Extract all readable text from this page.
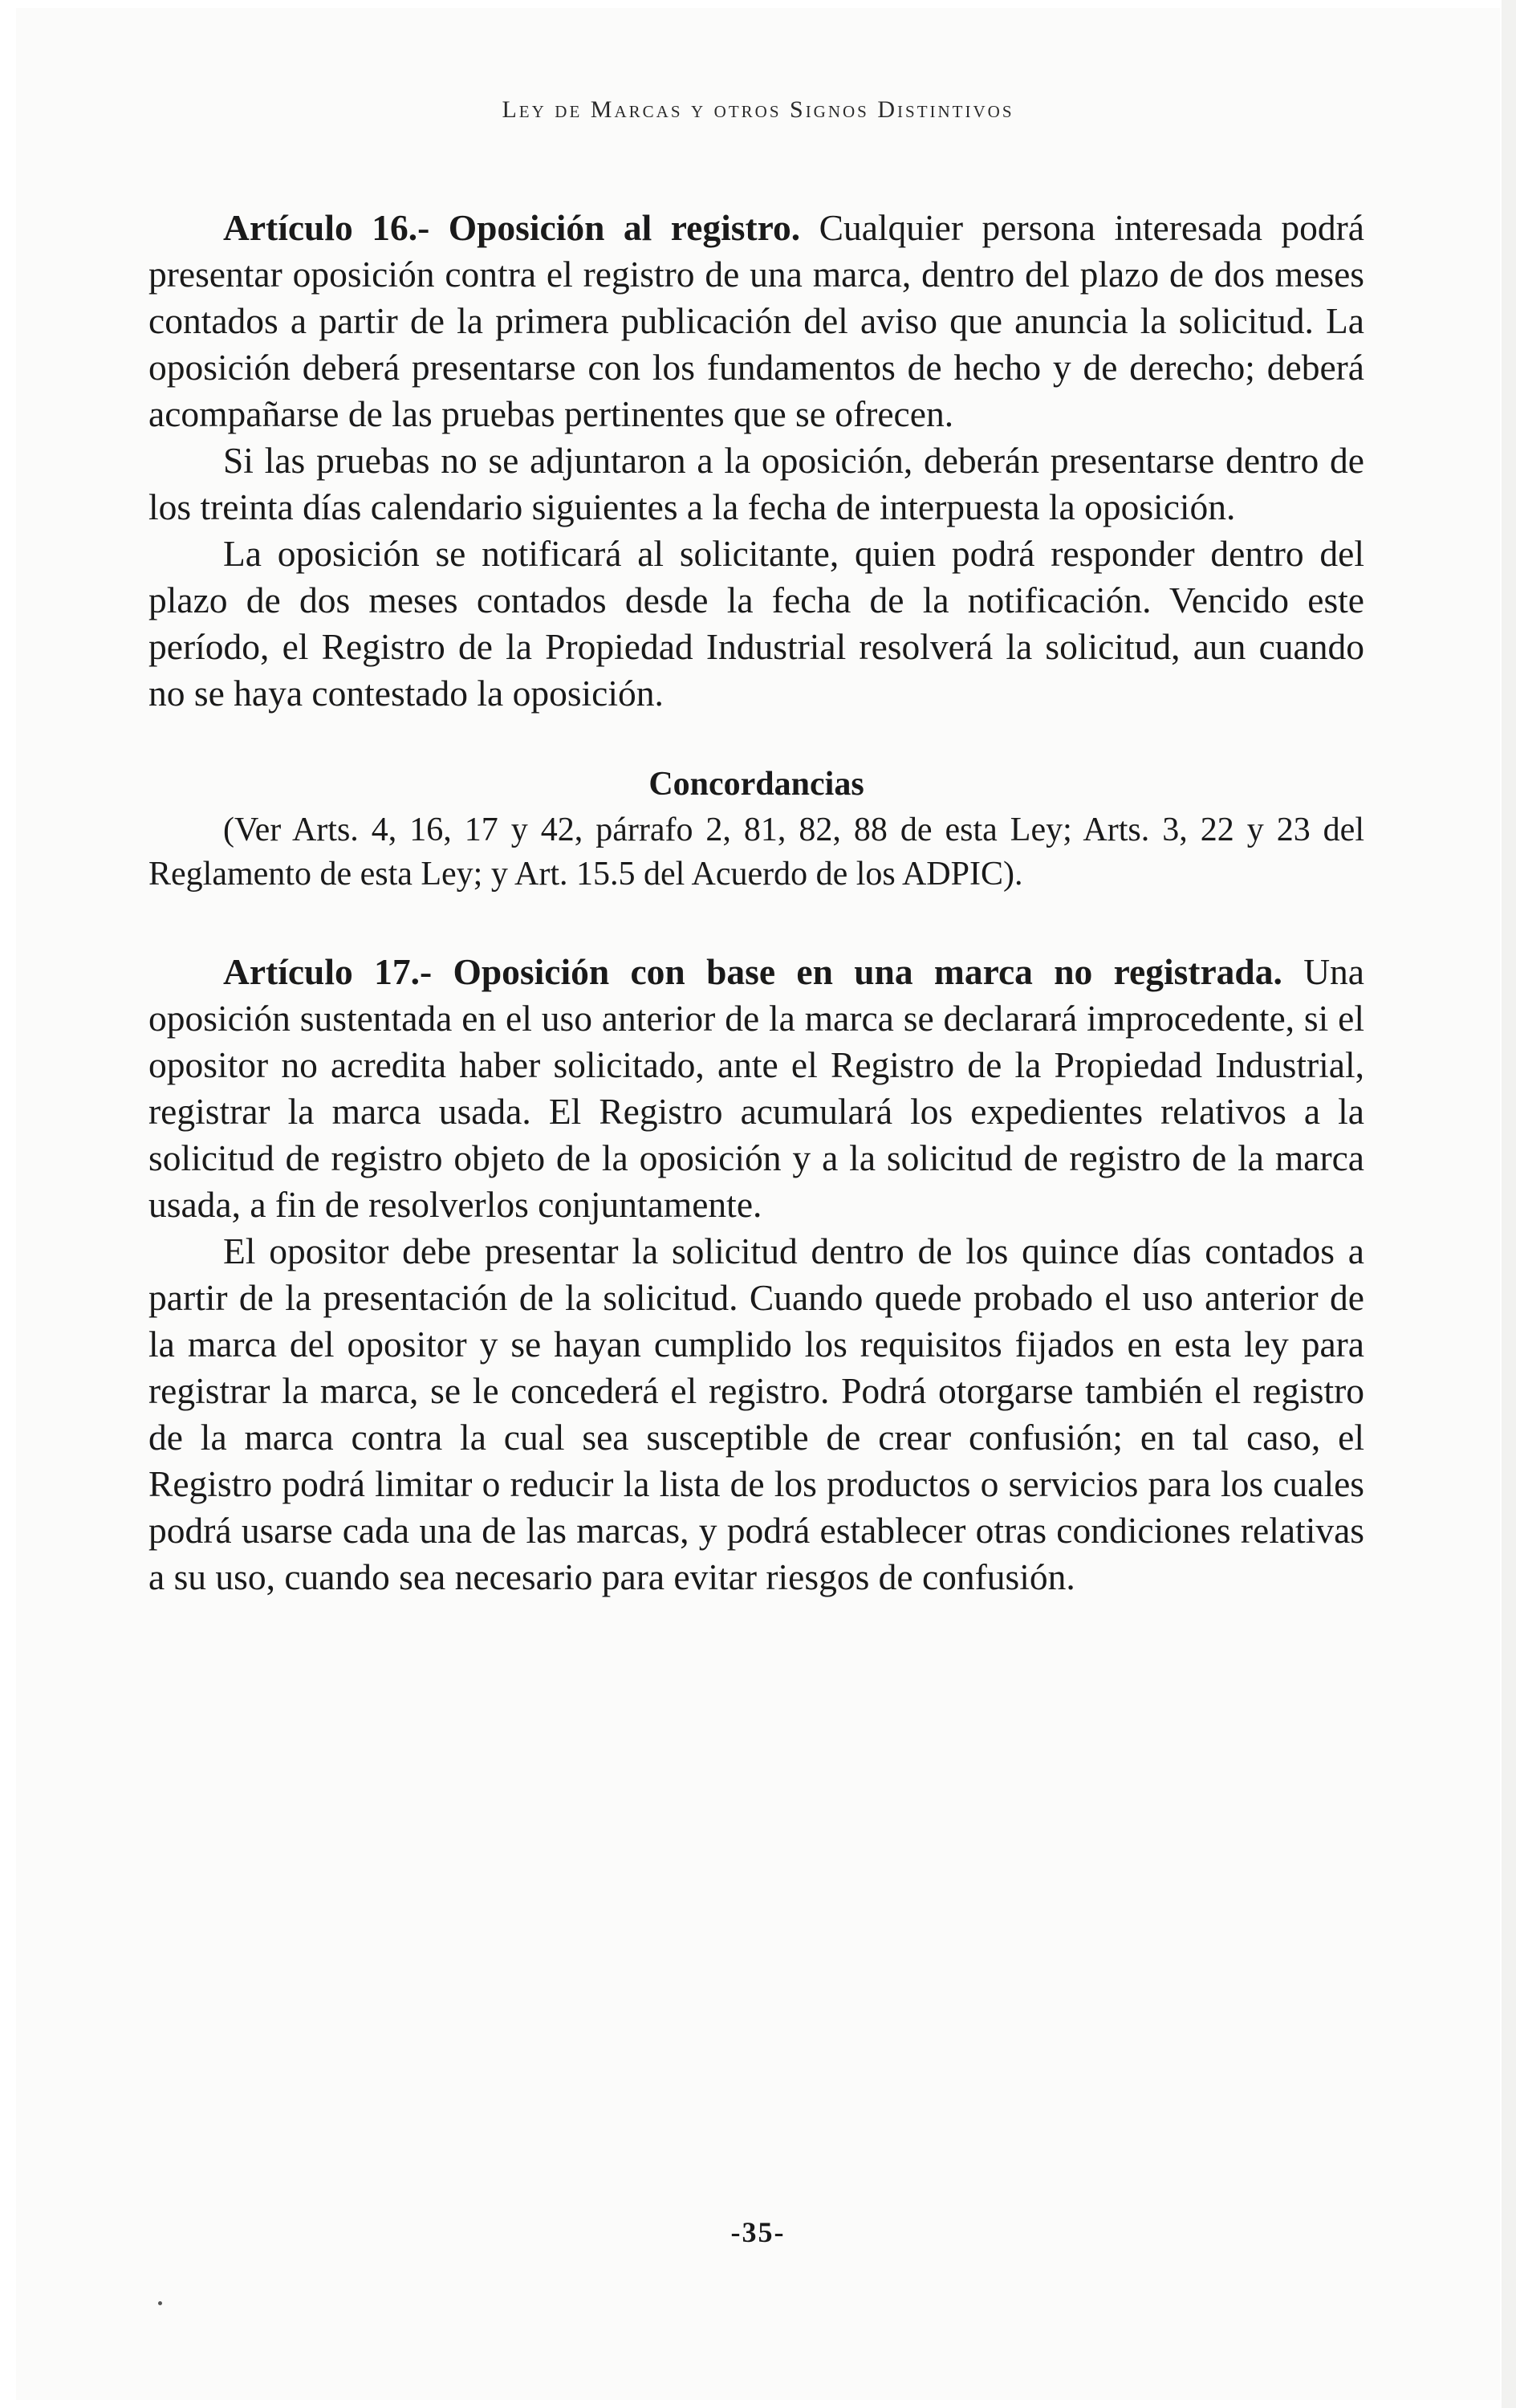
Ley de Marcas y otros Signos Distintivos

Artículo 16.- Oposición al registro. Cualquier persona interesada podrá presentar oposición contra el registro de una marca, dentro del plazo de dos meses contados a partir de la primera publicación del aviso que anuncia la solicitud. La oposición deberá presentarse con los fundamentos de hecho y de derecho; deberá acompañarse de las pruebas pertinentes que se ofrecen.

Si las pruebas no se adjuntaron a la oposición, deberán presentarse dentro de los treinta días calendario siguientes a la fecha de interpuesta la oposición.

La oposición se notificará al solicitante, quien podrá responder dentro del plazo de dos meses contados desde la fecha de la notificación. Vencido este período, el Registro de la Propiedad Industrial resolverá la solicitud, aun cuando no se haya contestado la oposición.

Concordancias

(Ver Arts. 4, 16, 17 y 42, párrafo 2, 81, 82, 88 de esta Ley; Arts. 3, 22 y 23 del Reglamento de esta Ley; y Art. 15.5 del Acuerdo de los ADPIC).

Artículo 17.- Oposición con base en una marca no registrada. Una oposición sustentada en el uso anterior de la marca se declarará improcedente, si el opositor no acredita haber solicitado, ante el Registro de la Propiedad Industrial, registrar la marca usada. El Registro acumulará los expedientes relativos a la solicitud de registro objeto de la oposición y a la solicitud de registro de la marca usada, a fin de resolverlos conjuntamente.

El opositor debe presentar la solicitud dentro de los quince días contados a partir de la presentación de la solicitud. Cuando quede probado el uso anterior de la marca del opositor y se hayan cumplido los requisitos fijados en esta ley para registrar la marca, se le concederá el registro. Podrá otorgarse también el registro de la marca contra la cual sea susceptible de crear confusión; en tal caso, el Registro podrá limitar o reducir la lista de los productos o servicios para los cuales podrá usarse cada una de las marcas, y podrá establecer otras condiciones relativas a su uso, cuando sea necesario para evitar riesgos de confusión.

-35-
